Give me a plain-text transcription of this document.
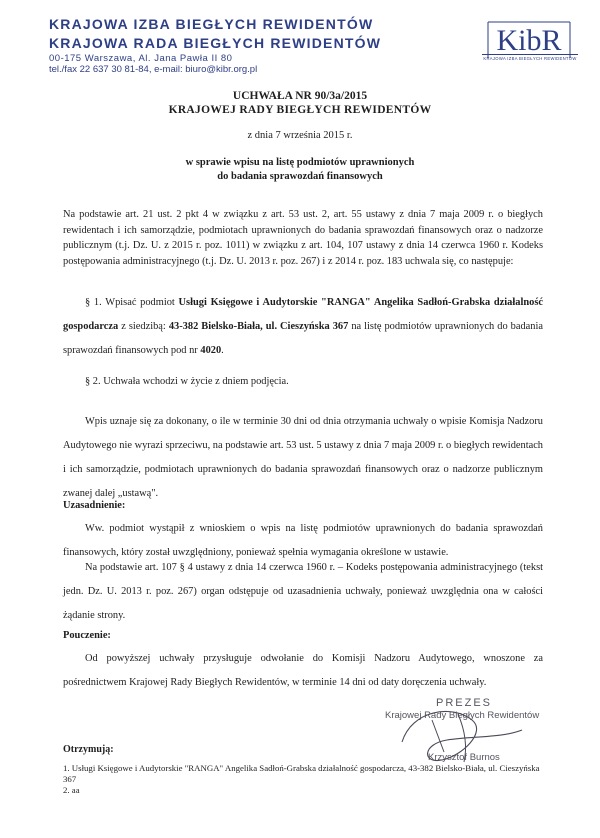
KRAJOWA IZBA BIEGŁYCH REWIDENTÓW
KRAJOWA RADA BIEGŁYCH REWIDENTÓW
00-175 Warszawa, Al. Jana Pawła II 80
tel./fax 22 637 30 81-84, e-mail: biuro@kibr.org.pl
KibR
KRAJOWA IZBA BIEGŁYCH REWIDENTÓW
UCHWAŁA NR 90/3a/2015
KRAJOWEJ RADY BIEGŁYCH REWIDENTÓW
z dnia 7 września 2015 r.
w sprawie wpisu na listę podmiotów uprawnionych
do badania sprawozdań finansowych
Na podstawie art. 21 ust. 2 pkt 4 w związku z art. 53 ust. 2, art. 55 ustawy z dnia 7 maja 2009 r. o biegłych rewidentach i ich samorządzie, podmiotach uprawnionych do badania sprawozdań finansowych oraz o nadzorze publicznym (t.j. Dz. U. z 2015 r. poz. 1011) w związku z art. 104, 107 ustawy z dnia 14 czerwca 1960 r. Kodeks postępowania administracyjnego (t.j. Dz. U. 2013 r. poz. 267) i z 2014 r. poz. 183 uchwala się, co następuje:
§ 1. Wpisać podmiot Usługi Księgowe i Audytorskie "RANGA" Angelika Sadłoń-Grabska działalność gospodarcza z siedzibą: 43-382 Bielsko-Biała, ul. Cieszyńska 367 na listę podmiotów uprawnionych do badania sprawozdań finansowych pod nr 4020.
§ 2. Uchwała wchodzi w życie z dniem podjęcia.
Wpis uznaje się za dokonany, o ile w terminie 30 dni od dnia otrzymania uchwały o wpisie Komisja Nadzoru Audytowego nie wyrazi sprzeciwu, na podstawie art. 53 ust. 5 ustawy z dnia 7 maja 2009 r. o biegłych rewidentach i ich samorządzie, podmiotach uprawnionych do badania sprawozdań finansowych oraz o nadzorze publicznym zwanej dalej „ustawą".
Uzasadnienie:
Ww. podmiot wystąpił z wnioskiem o wpis na listę podmiotów uprawnionych do badania sprawozdań finansowych, który został uwzględniony, ponieważ spełnia wymagania określone w ustawie.
Na podstawie art. 107 § 4 ustawy z dnia 14 czerwca 1960 r. – Kodeks postępowania administracyjnego (tekst jedn. Dz. U. 2013 r. poz. 267) organ odstępuje od uzasadnienia uchwały, ponieważ uwzględnia ona w całości żądanie strony.
Pouczenie:
Od powyższej uchwały przysługuje odwołanie do Komisji Nadzoru Audytowego, wnoszone za pośrednictwem Krajowej Rady Biegłych Rewidentów, w terminie 14 dni od daty doręczenia uchwały.
PREZES
Krajowej Rady Biegłych Rewidentów
Krzysztof Burnos
Otrzymują:
1. Usługi Księgowe i Audytorskie "RANGA" Angelika Sadłoń-Grabska działalność gospodarcza, 43-382 Bielsko-Biała, ul. Cieszyńska 367
2. aa
